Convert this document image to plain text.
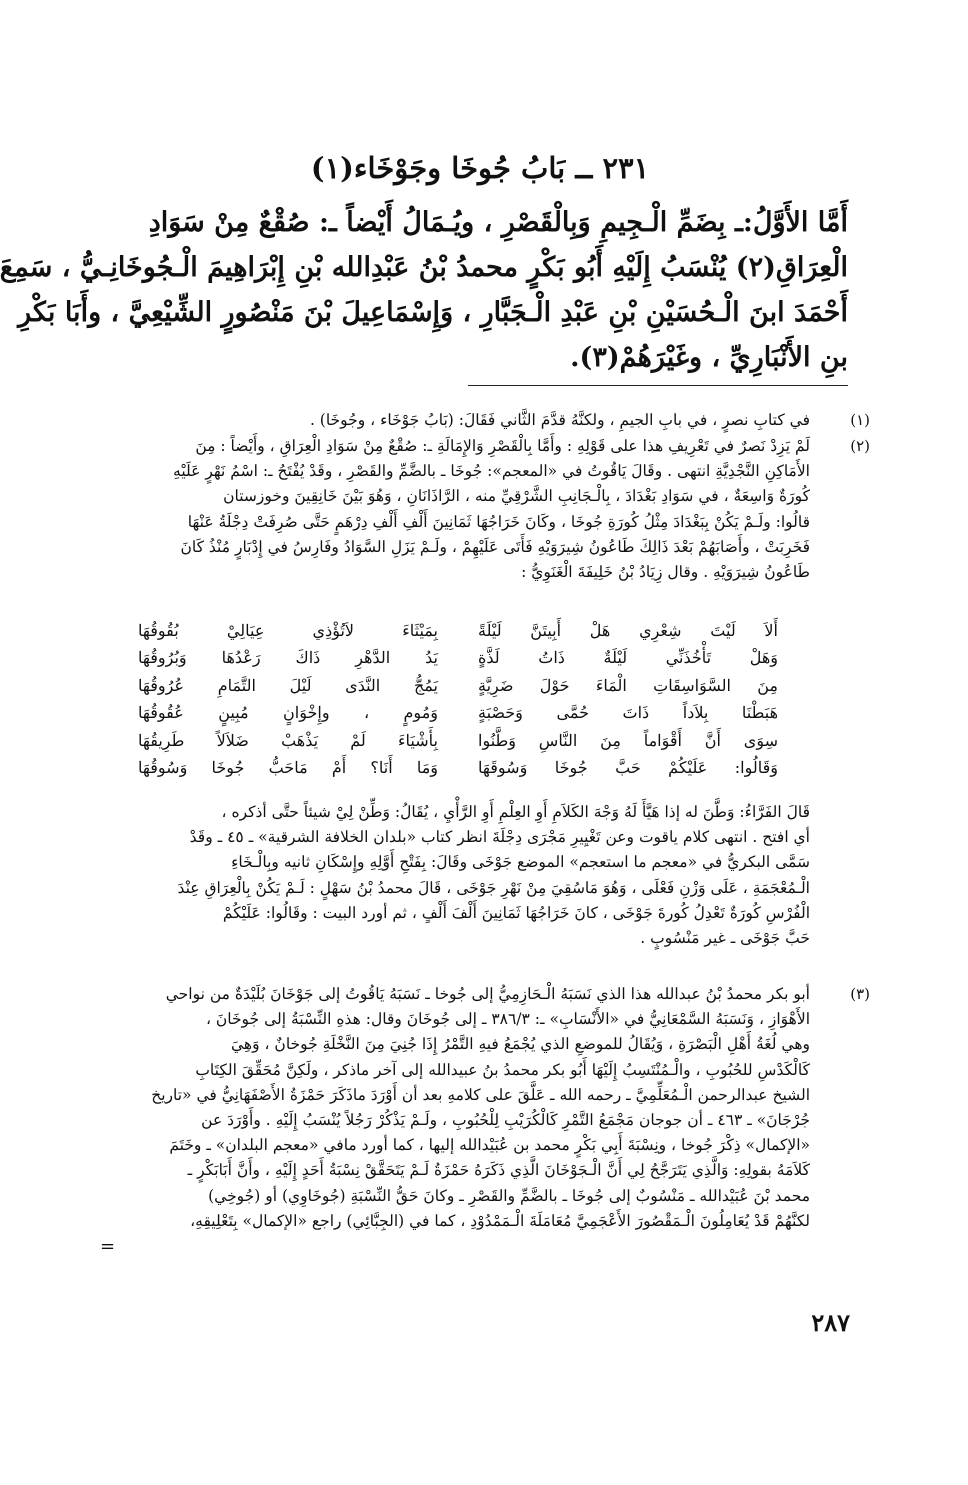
٢٣١ ــ بَابُ جُوخَا وجَوْخَاء(١)
أَمَّا الأَوَّلُ:ـ بِضَمِّ الْـجِيمِ وَبِالْقَصْرِ ، ويُـمَالُ أَيْضاً ـ: صُقْعٌ مِنْ سَوَادِ
الْعِرَاقِ(٢) يُنْسَبُ إِلَيْهِ أَبُو بَكْرٍ محمدُ بْنُ عَبْدِالله بْنِ إِبْرَاهِيمَ الْـجُوخَانِـيُّ ، سَمِعَ
أَحْمَدَ ابنَ الْـحُسَيْنِ بْنِ عَبْدِ الْـجَبَّارِ ، وَإِسْمَاعِيلَ بْنَ مَنْصُورٍ الشِّيْعِيَّ ، وأَبَا بَكْرِ
بنِ الأَنْبَارِيِّ ، وغَيْرَهُمْ(٣).
(١)
في كتابِ نصرٍ ، في بابِ الجيمِ ، ولكنَّهُ قدَّمَ الثَّاني فَقَالَ: (بَابُ جَوْخَاء ، وجُوخَا) .
(٢)
لَمْ يَزِدْ نَصرٌ في تَعْرِيفِ هذا على قَوْلِهِ : وأَمَّا بِالْقَصْرِ وَالإِمَالَةِ ـ: صُقْعٌ مِنْ سَوَادِ الْعِرَاقِ ، وأَيْضاً : مِنَ
الأَمَاكِنِ النَّجْدِيَّةِ انتهى . وقَالَ يَاقُوتُ في «المعجم»: جُوخَا ـ بالضَّمِّ والقَصْرِ ، وقَدْ يُفْتَحُ ـ: اسْمُ نَهْرٍ عَلَيْهِ
كُورَةٌ وَاسِعَةٌ ، في سَوَادِ بَغْدَادَ ، بِالْـجَانِبِ الشَّرْقِيِّ منه ، الرَّاذَانَانِ ، وَهُوَ بَيْنَ خَانِقِينَ وخوزستان
قالُوا: ولَـمْ يَكُنْ بِبَغْدَادَ مِثْلُ كُورَةِ جُوخَا ، وكَانَ خَرَاجُهَا ثَمَانِينَ أَلْفِ أَلْفِ دِرْهَمٍ حَتَّى صُرِفَتْ دِجْلَةُ عَنْهَا
فَخَرِبَتْ ، وأَصَابَهُمْ بَعْدَ ذَالِكَ طَاعُونُ شِيرَوَيْهِ فَأَتَى عَلَيْهِمْ ، ولَـمْ يَزَلِ السَّوَادُ وفَارِسُ في إِدْبَارٍ مُنْذُ كَانَ
طَاعُونُ شِيرَوَيْهِ . وقال زِيَادُ بْنُ خَلِيفَةَ الْغَنَوِيُّ :
أَلاَ لَيْتَ شِعْرِي هَلْ أَبِيتَنَّ لَيْلَةً
وَهَلْ تَأْخُذَنِّي لَيْلَةٌ ذَاتُ لَذَّةٍ
مِنَ السَّوَاسِقَاتِ الْمَاءَ حَوْلَ ضَرِيَّةٍ
هَبَطْنَا بِلاَداً ذَاتَ حُمَّى وَحَصْبَةٍ
سِوَى أَنَّ أَقْوَاماً مِنَ النَّاسِ وَطَّنُوا
وَقَالُوا: عَلَيْكُمْ حَبَّ جُوخَا وَسُوقَهَا
بِمَيْثَاءَ لاَتُؤْذِي عِيَالِيْ بُقُوقُهَا
يَدُ الدَّهْرِ ذَاكَ رَعْدُهَا وَبُرُوقُهَا
يَمُجُّ النَّدَى لَيْلَ التَّمَامِ عُرُوقُهَا
وَمُومٍ ، وإِخْوَانٍ مُبِينٍ عُقُوقُهَا
بِأَشْيَاءَ لَمْ يَذْهَبْ ضَلاَلاً طَرِيقُهَا
وَمَا أَنَا؟ أَمْ مَاحَبُّ جُوخَا وَسُوقُهَا
قَالَ الفَرَّاءُ: وَطَّنَ له إذا هَيَّأَ لَهُ وَجْهَ الكَلاَمِ أَوِ العِلْمِ أَوِ الرَّأْيِ ، يُقَالُ: وَطِّنْ لِيْ شيئاً حتَّى أذكره ،
أي افتح . انتهى كلام ياقوت وعن تَغْيِيرِ مَجْرَى دِجْلَةَ انظر كتاب «بلدان الخلافة الشرقية» ـ ٤٥ ـ وقَدْ
سَمَّى البكريُّ في «معجم ما استعجم» الموضع جَوْخَى وقَالَ: بِفَتْحِ أَوَّلِهِ وإِسْكَانِ ثانيه وبِالْـخَاءِ
الْـمُعْجَمَةِ ، عَلَى وَزْنِ فَعْلَى ، وَهُوَ مَاسُقِيَ مِنْ نَهْرِ جَوْخَى ، قَالَ محمدُ بْنُ سَهْلٍ : لَـمْ يَكُنْ بِالْعِرَاقِ عِنْدَ
الْفُرْسِ كُورَةٌ تَعْدِلُ كُورةَ جَوْخَى ، كانَ خَرَاجُهَا ثَمَانِينَ أَلْفَ أَلْفٍ ، ثم أورد البيت : وقَالُوا: عَلَيْكُمْ
حَبَّ جَوْخَى ـ غير مَنْسُوبٍ .
(٣)
أبو بكر محمدُ بْنُ عبدالله هذا الذي نَسَبَهُ الْـحَازِمِيُّ إلى جُوخا ـ نَسَبَهُ يَاقُوتُ إلى جَوْخَانَ بُلَيْدَةٌ من نواحي
الأَهْوَازِ ، وَنَسَبَهُ السَّمْعَانِيُّ في «الأَنْسَابِ» ـ: ٣٨٦/٣ ـ إلى جُوخَانَ وقال: هذهِ النِّسْبَةُ إلى جُوخَانَ ،
وهي لُغَةُ أَهْلِ الْبَصْرَةِ ، وَيُقَالُ للموضعِ الذي يُجْمَعُ فيهِ التَّمْرُ إِذَا جُنِيَ مِنَ النَّخْلَةِ جُوخانٌ ، وَهِيَ
كَالْكَدْسِ للحُبُوبِ ، والْـمُنْتَسِبُ إِلَيْهَا أَبُو بكر محمدُ بنُ عبيدالله إلى آخر ماذكر ، ولَكِنَّ مُحَقِّقَ الكِتَابِ
الشيخ عبدالرحمن الْـمُعَلِّمِيَّ ـ رحمه الله ـ عَلَّقَ على كلامهِ بعد أن أَوْرَدَ ماذَكَرَ حَمْزَةُ الأَصْفَهَانِيُّ في «تاريخ
جُرْجَانَ» ـ ٤٦٣ ـ أن جوجان مَجْمَعُ التَّمْرِ كَالْكُرَيْبِ لِلْحُبُوبِ ، ولَـمْ يَذْكُرْ رَجُلاً يُنْسَبُ إِلَيْهِ . وأَوْرَدَ عن
«الإكمال» ذِكْرَ جُوخا ، ونِسْبَةَ أَبِي بَكْرٍ محمد بن عُبَيْدالله إليها ، كما أورد مافي «معجم البلدان» ـ وخَتَمَ
كَلاَمَهُ بقولِهِ: وَالَّذِي يَتَرَجَّحُ لِي أَنَّ الْـجَوْخَانَ الَّذِي ذَكَرَهُ حَمْزَةُ لَـمْ يَتَحَقَّقْ نِسْبَةُ أَحَدٍ إِلَيْهِ ، وأَنَّ أَبَابَكْرٍ ـ
محمد بْنَ عُبَيْدالله ـ مَنْسُوبٌ إلى جُوخَا ـ بالضَّمِّ والقَصْرِ ـ وكانَ حَقُّ النِّسْبَةِ (جُوخَاوِي) أو (جُوخِي)
لكنَّهُمْ قَدْ يُعَامِلُونَ الْـمَقْصُورَ الأَعْجَمِيَّ مُعَامَلَةَ الْـمَمْدُوْدِ ، كما في (الجِبَّائِي) راجع «الإكمال» بِتَعْلِيقِهِ،
=
٢٨٧
